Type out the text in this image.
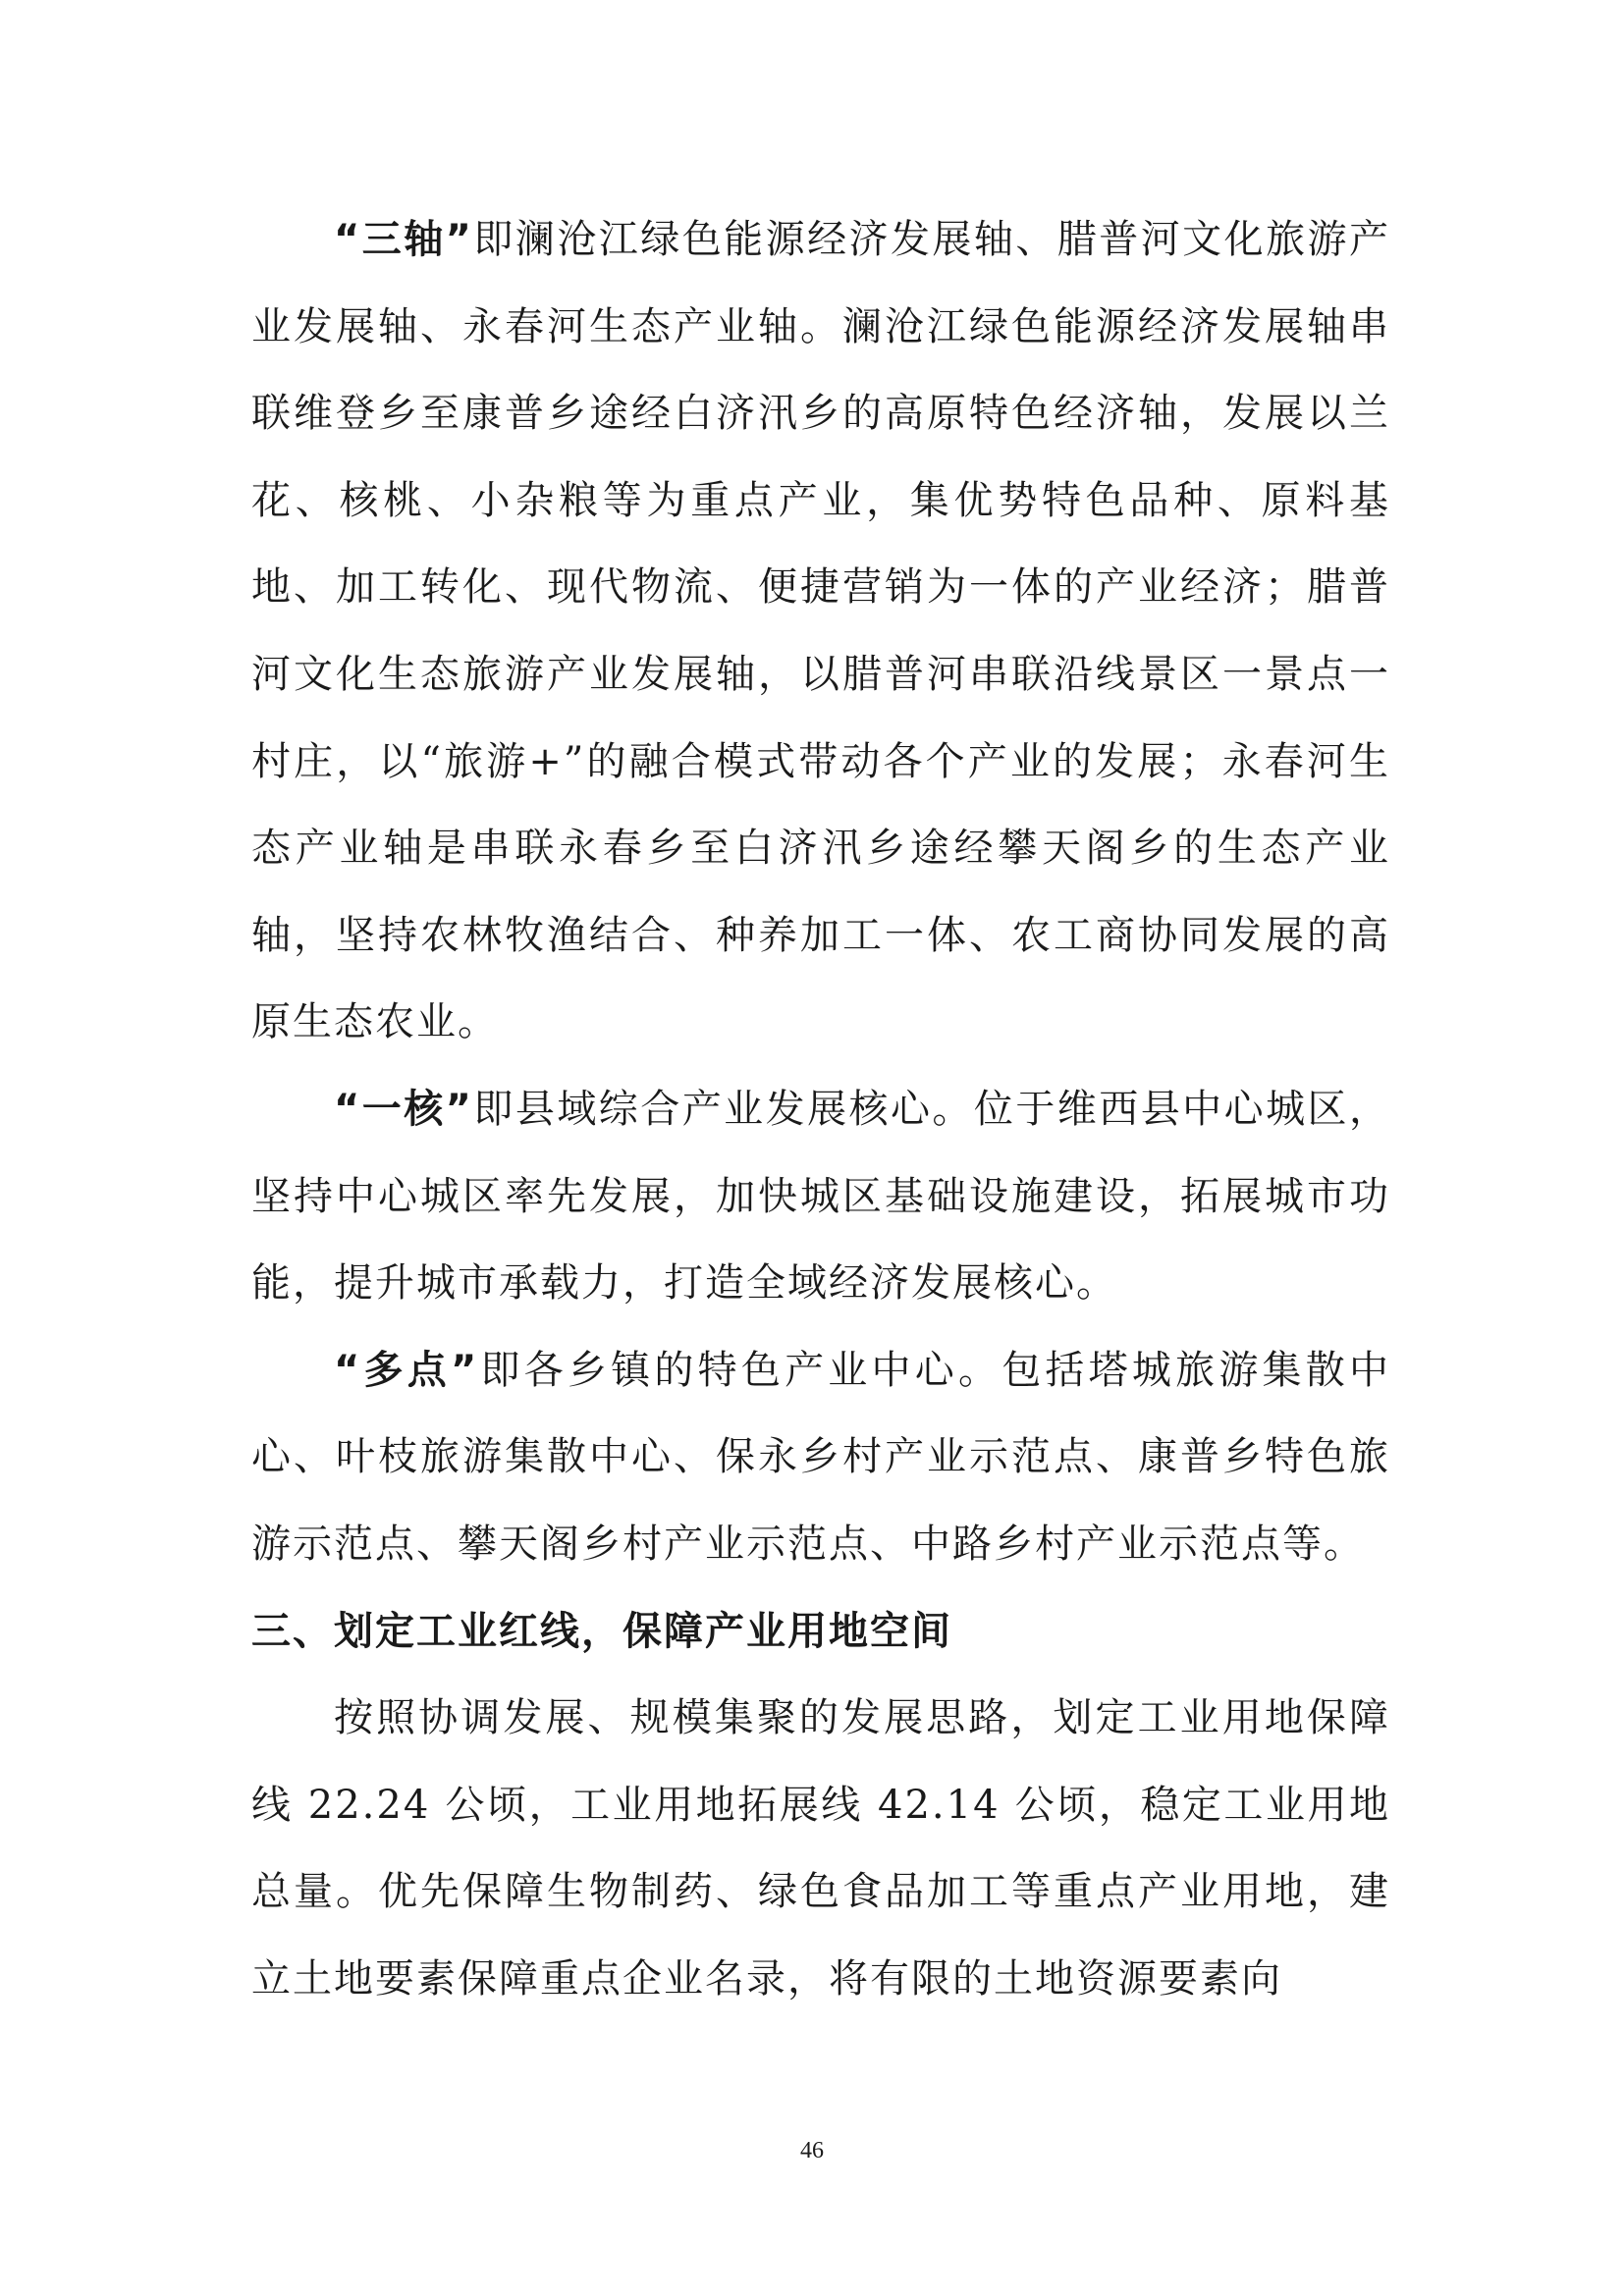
“三轴”即澜沧江绿色能源经济发展轴、腊普河文化旅游产业发展轴、永春河生态产业轴。澜沧江绿色能源经济发展轴串联维登乡至康普乡途经白济汛乡的高原特色经济轴，发展以兰花、核桃、小杂粮等为重点产业，集优势特色品种、原料基地、加工转化、现代物流、便捷营销为一体的产业经济；腊普河文化生态旅游产业发展轴，以腊普河串联沿线景区一景点一村庄，以“旅游+”的融合模式带动各个产业的发展；永春河生态产业轴是串联永春乡至白济汛乡途经攀天阁乡的生态产业轴，坚持农林牧渔结合、种养加工一体、农工商协同发展的高原生态农业。

“一核”即县域综合产业发展核心。位于维西县中心城区，坚持中心城区率先发展，加快城区基础设施建设，拓展城市功能，提升城市承载力，打造全域经济发展核心。

“多点”即各乡镇的特色产业中心。包括塔城旅游集散中心、叶枝旅游集散中心、保永乡村产业示范点、康普乡特色旅游示范点、攀天阁乡村产业示范点、中路乡村产业示范点等。

三、划定工业红线，保障产业用地空间

按照协调发展、规模集聚的发展思路，划定工业用地保障线 22.24 公顷，工业用地拓展线 42.14 公顷，稳定工业用地总量。优先保障生物制药、绿色食品加工等重点产业用地，建立土地要素保障重点企业名录，将有限的土地资源要素向

46
